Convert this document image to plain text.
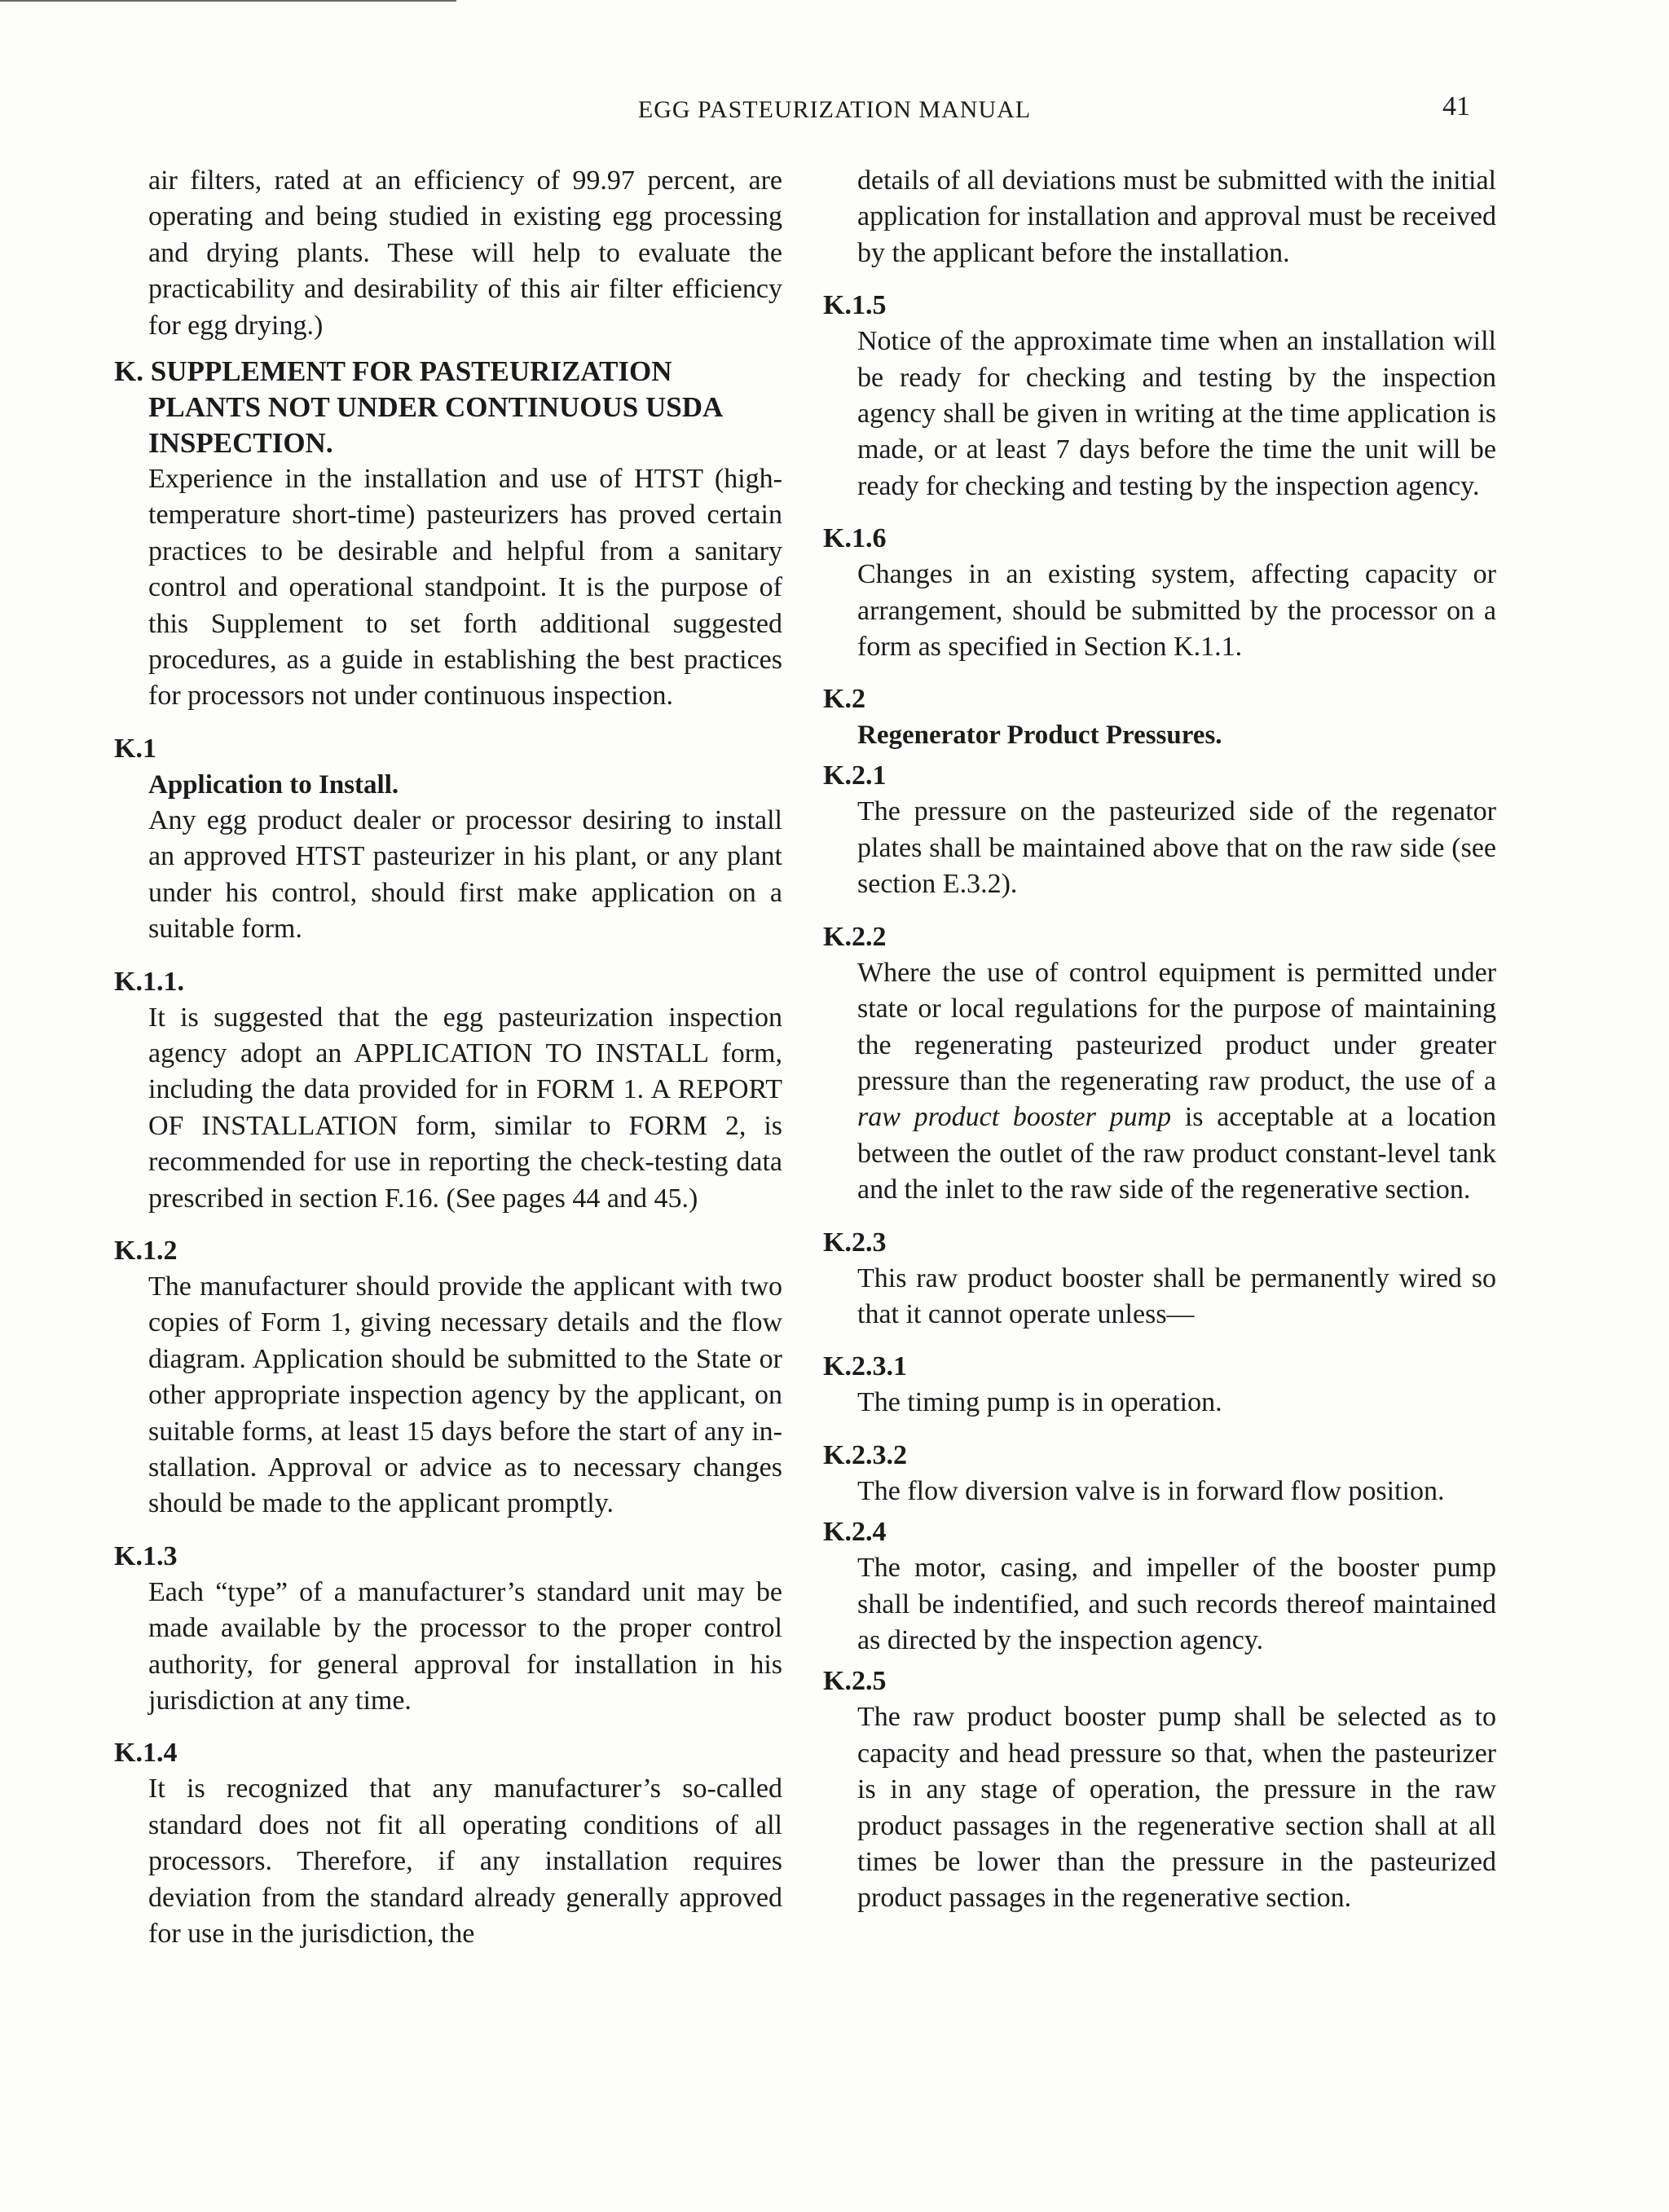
EGG PASTEURIZATION MANUAL	41

air filters, rated at an efficiency of 99.97 percent, are operating and being studied in existing egg processing and drying plants. These will help to evaluate the practicability and desirability of this air filter efficiency for egg drying.)

K. SUPPLEMENT FOR PASTEURIZATION PLANTS NOT UNDER CONTINUOUS USDA INSPECTION.

Experience in the installation and use of HTST (high-temperature short-time) pasteurizers has proved certain practices to be desirable and helpful from a sanitary control and operational standpoint. It is the purpose of this Supplement to set forth additional suggested procedures, as a guide in establishing the best practices for processors not under continuous inspection.

K.1
Application to Install.

Any egg product dealer or processor desiring to install an approved HTST pasteurizer in his plant, or any plant under his control, should first make application on a suitable form.

K.1.1.

It is suggested that the egg pasteurization inspection agency adopt an APPLICATION TO INSTALL form, including the data provided for in FORM 1. A REPORT OF INSTALLATION form, similar to FORM 2, is recommended for use in reporting the check-testing data prescribed in section F.16. (See pages 44 and 45.)

K.1.2

The manufacturer should provide the applicant with two copies of Form 1, giving necessary details and the flow diagram. Application should be submitted to the State or other appropriate inspection agency by the applicant, on suitable forms, at least 15 days before the start of any installation. Approval or advice as to necessary changes should be made to the applicant promptly.

K.1.3

Each “type” of a manufacturer’s standard unit may be made available by the processor to the proper control authority, for general approval for installation in his jurisdiction at any time.

K.1.4

It is recognized that any manufacturer’s so-called standard does not fit all operating conditions of all processors. Therefore, if any installation requires deviation from the standard already generally approved for use in the jurisdiction, the

details of all deviations must be submitted with the initial application for installation and approval must be received by the applicant before the installation.

K.1.5

Notice of the approximate time when an installation will be ready for checking and testing by the inspection agency shall be given in writing at the time application is made, or at least 7 days before the time the unit will be ready for checking and testing by the inspection agency.

K.1.6

Changes in an existing system, affecting capacity or arrangement, should be submitted by the processor on a form as specified in Section K.1.1.

K.2
Regenerator Product Pressures.
K.2.1

The pressure on the pasteurized side of the regenator plates shall be maintained above that on the raw side (see section E.3.2).

K.2.2

Where the use of control equipment is permitted under state or local regulations for the purpose of maintaining the regenerating pasteurized product under greater pressure than the regenerating raw product, the use of a raw product booster pump is acceptable at a location between the outlet of the raw product constant-level tank and the inlet to the raw side of the regenerative section.

K.2.3

This raw product booster shall be permanently wired so that it cannot operate unless—

K.2.3.1

The timing pump is in operation.

K.2.3.2

The flow diversion valve is in forward flow position.

K.2.4

The motor, casing, and impeller of the booster pump shall be indentified, and such records thereof maintained as directed by the inspection agency.

K.2.5

The raw product booster pump shall be selected as to capacity and head pressure so that, when the pasteurizer is in any stage of operation, the pressure in the raw product passages in the regenerative section shall at all times be lower than the pressure in the pasteurized product passages in the regenerative section.
